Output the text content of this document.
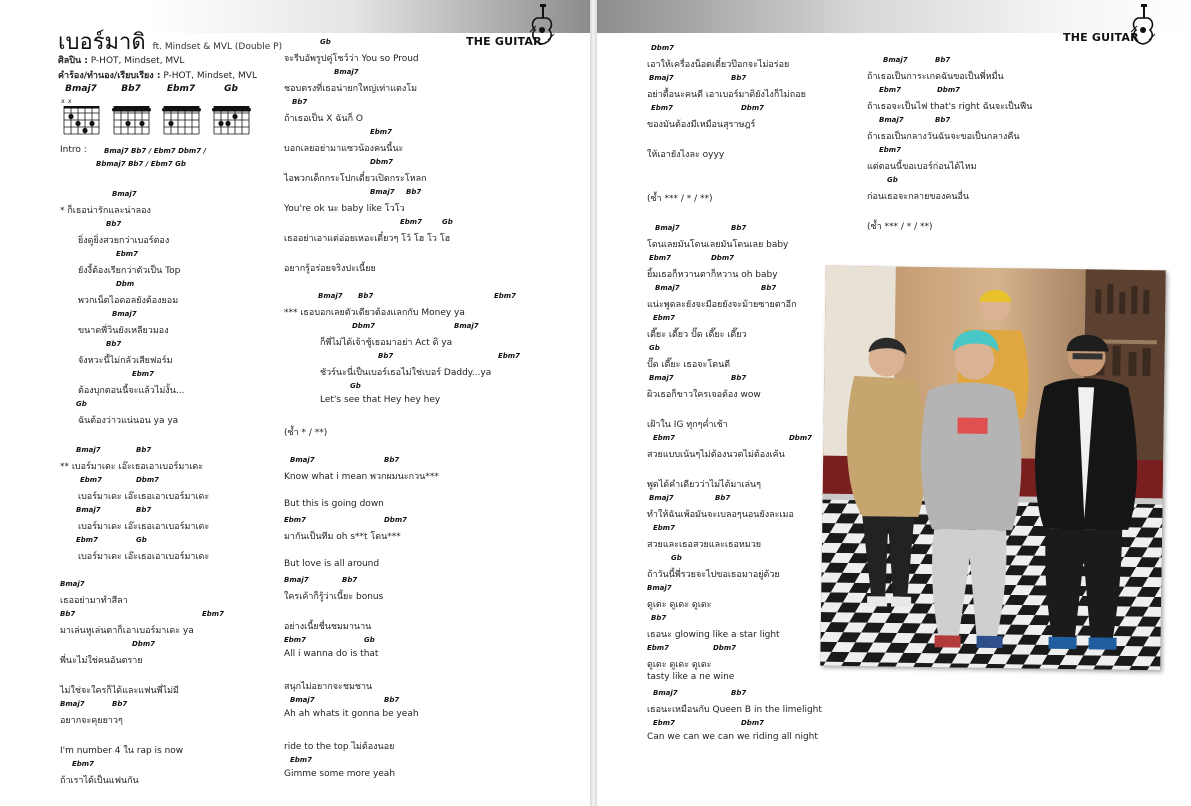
THE GUITAR
เบอร์มาดิ ft. Mindset & MVL (Double P)
ศิลปิน : P-HOT, Mindset, MVL
คำร้อง/ทำนอง/เรียบเรียง : P-HOT, Mindset, MVL
Bmaj7
x x
Bb7	Ebm7	Gb
Intro : Bmaj7 Bb7 / Ebm7 Dbm7 /
Bbmaj7 Bb7 / Ebm7 Gb
Bmaj7
* ก็เธอน่ารักและน่าลอง
Bb7
ยิ่งดูยิ่งสวยกว่าเบอร์ตอง
Ebm7
ยังงี้ต้องเรียกว่าตัวเป็น Top
Dbm
พวกเน็ตไอดอลยังต้องยอม
Bmaj7
ขนาดพี่วินยังเหลียวมอง
Bb7
จังหวะนี้ไม่กลัวเสียฟอร์ม
Ebm7
ต้องบุกตอนนี้จะแล้วไม่งั้น...
Gb
ฉันต้องว่าวแน่นอน ya ya
Bmaj7	Bb7
** เบอร์มาเดะ เอ๊ะเธอเอาเบอร์มาเดะ
Ebm7	Dbm7
เบอร์มาเดะ เอ๊ะเธอเอาเบอร์มาเดะ
Bmaj7	Bb7
เบอร์มาเดะ เอ๊ะเธอเอาเบอร์มาเดะ
Ebm7	Gb
เบอร์มาเดะ เอ๊ะเธอเอาเบอร์มาเดะ
Bmaj7
เธออย่ามาทำสีลา
Bb7	Ebm7
มาเล่นหูเล่นตาก็เอาเบอร์มาเดะ ya
Dbm7
พี่นะไม่ใช่คนอันตราย
ไม่ใช่จะใครก็ได้และแฟนพี่ไม่มี
Bmaj7	Bb7
อยากจะคุยยาวๆ
I'm number 4 ใน rap is now
Ebm7
ถ้าเราได้เป็นแฟนกัน
Gb
จะรีบอัพรูปคู่โชว์ว่า You so Proud
Bmaj7
ชอบตรงที่เธอน่ายกใหญ่เท่าแตงโม
Bb7
ถ้าเธอเป็น X ฉันก็ O
Ebm7
บอกเลยอย่ามาแซวน้องคนนี้นะ
Dbm7
ไอพวกเด็กกระโปกเดี๋ยวเปิดกระโหลก
Bmaj7 Bb7
You're ok นะ baby like โวโว
Ebm7	Gb
เธออย่าเอาแต่อ่อยเหอะเดี๋ยวๆ โว้ โฮ โว โฮ
อยากรู้อร่อยจริงปะเนี้ยย
Bmaj7 Bb7	Ebm7
*** เธอบอกเลยตัวเดียวต้องแลกกับ Money ya
Dbm7	Bmaj7
ก็พี่ไม่ได้เจ้าชู้เธอมาอย่า Act ดิ ya
Bb7	Ebm7
ชัวร์นะนี่เป็นเบอร์เธอไม่ใช่เบอร์ Daddy...ya
Gb
Let's see that Hey hey hey
(ซ้ำ * / **)
Bmaj7	Bb7
Know what i mean พวกผมนะกวน***
But this is going down
Ebm7	Dbm7
มากันเป็นทีม oh s**t โดน***
But love is all around
Bmaj7	Bb7
ใครเค้าก็รู้ว่าเนี้ยะ bonus
อย่างเนี้ยชื่นชมมานาน
Ebm7	Gb
All i wanna do is that
สนุกไม่อยากจะชมชาน
Bmaj7	Bb7
Ah ah whats it gonna be yeah
ride to the top ไม่ต้องนอย
Ebm7
Gimme some more yeah
THE GUITAR
Dbm7
เอาให้เครื่องน็อตเดี๋ยวป๊อกจะไม่อร่อย
Bmaj7	Bb7
อย่าดื้อนะคนดี เอาเบอร์มาดิยังไงก็ไม่ถอย
Ebm7	Dbm7
ของมันต้องมีเหมือนสุราษฎร์
ให้เอายังไงละ oyyy
(ซ้ำ *** / * / **)
Bmaj7	Bb7
โดนเลยมันโดนเลยมันโดนเลย baby
Ebm7	Dbm7
ยิ้มเธอก็หวานตาก็หวาน oh baby
Bmaj7	Bb7
แน่ะพูดละยังจะมีอยยังจะม้ายซายตาอีก
Ebm7
เดี๊ยะ เดี๊ยว ปั๊ด เดี๊ยะ เดี๊ยว
Gb
ปั๊ด เดี๊ยะ เธอจะโดนดี
Bmaj7	Bb7
ผิวเธอก็ขาวใครเจอต้อง wow
เฝ้าใน IG ทุกๆค่ำเช้า
Ebm7	Dbm7
สวยแบบเน้นๆไม่ต้องนวดไม่ต้องเค้น
พูดได้คำเดียวว่าไม่ได้มาเล่นๆ
Bmaj7	Bb7
ทำให้ฉันเพ้อมันจะเบลอๆนอนยังละเมอ
Ebm7
สวยและเธอสวยและเธอหมวย
Gb
ถ้าวันนี้พี่รวยจะไปขอเธอมาอยู่ด้วย
Bmaj7
ดูเดะ ดูเดะ ดูเดะ
Bb7
เธอนะ glowing like a star light
Ebm7	Dbm7
ดูเดะ ดูเดะ ดูเดะ
tasty like a ne wine
Bmaj7	Bb7
เธอนะเหมือนกับ Queen B in the limelight
Ebm7	Dbm7
Can we can we can we riding all night
Bmaj7	Bb7
ถ้าเธอเป็นการะเกดฉันขอเป็นพี่หมื่น
Ebm7	Dbm7
ถ้าเธอจะเป็นไฟ that's right ฉันจะเป็นฟืน
Bmaj7	Bb7
ถ้าเธอเป็นกลางวันฉันจะขอเป็นกลางคืน
Ebm7
แต่ตอนนี้ขอเบอร์ก่อนได้ไหม
Gb
ก่อนเธอจะกลายของคนอื่น
(ซ้ำ *** / * / **)
